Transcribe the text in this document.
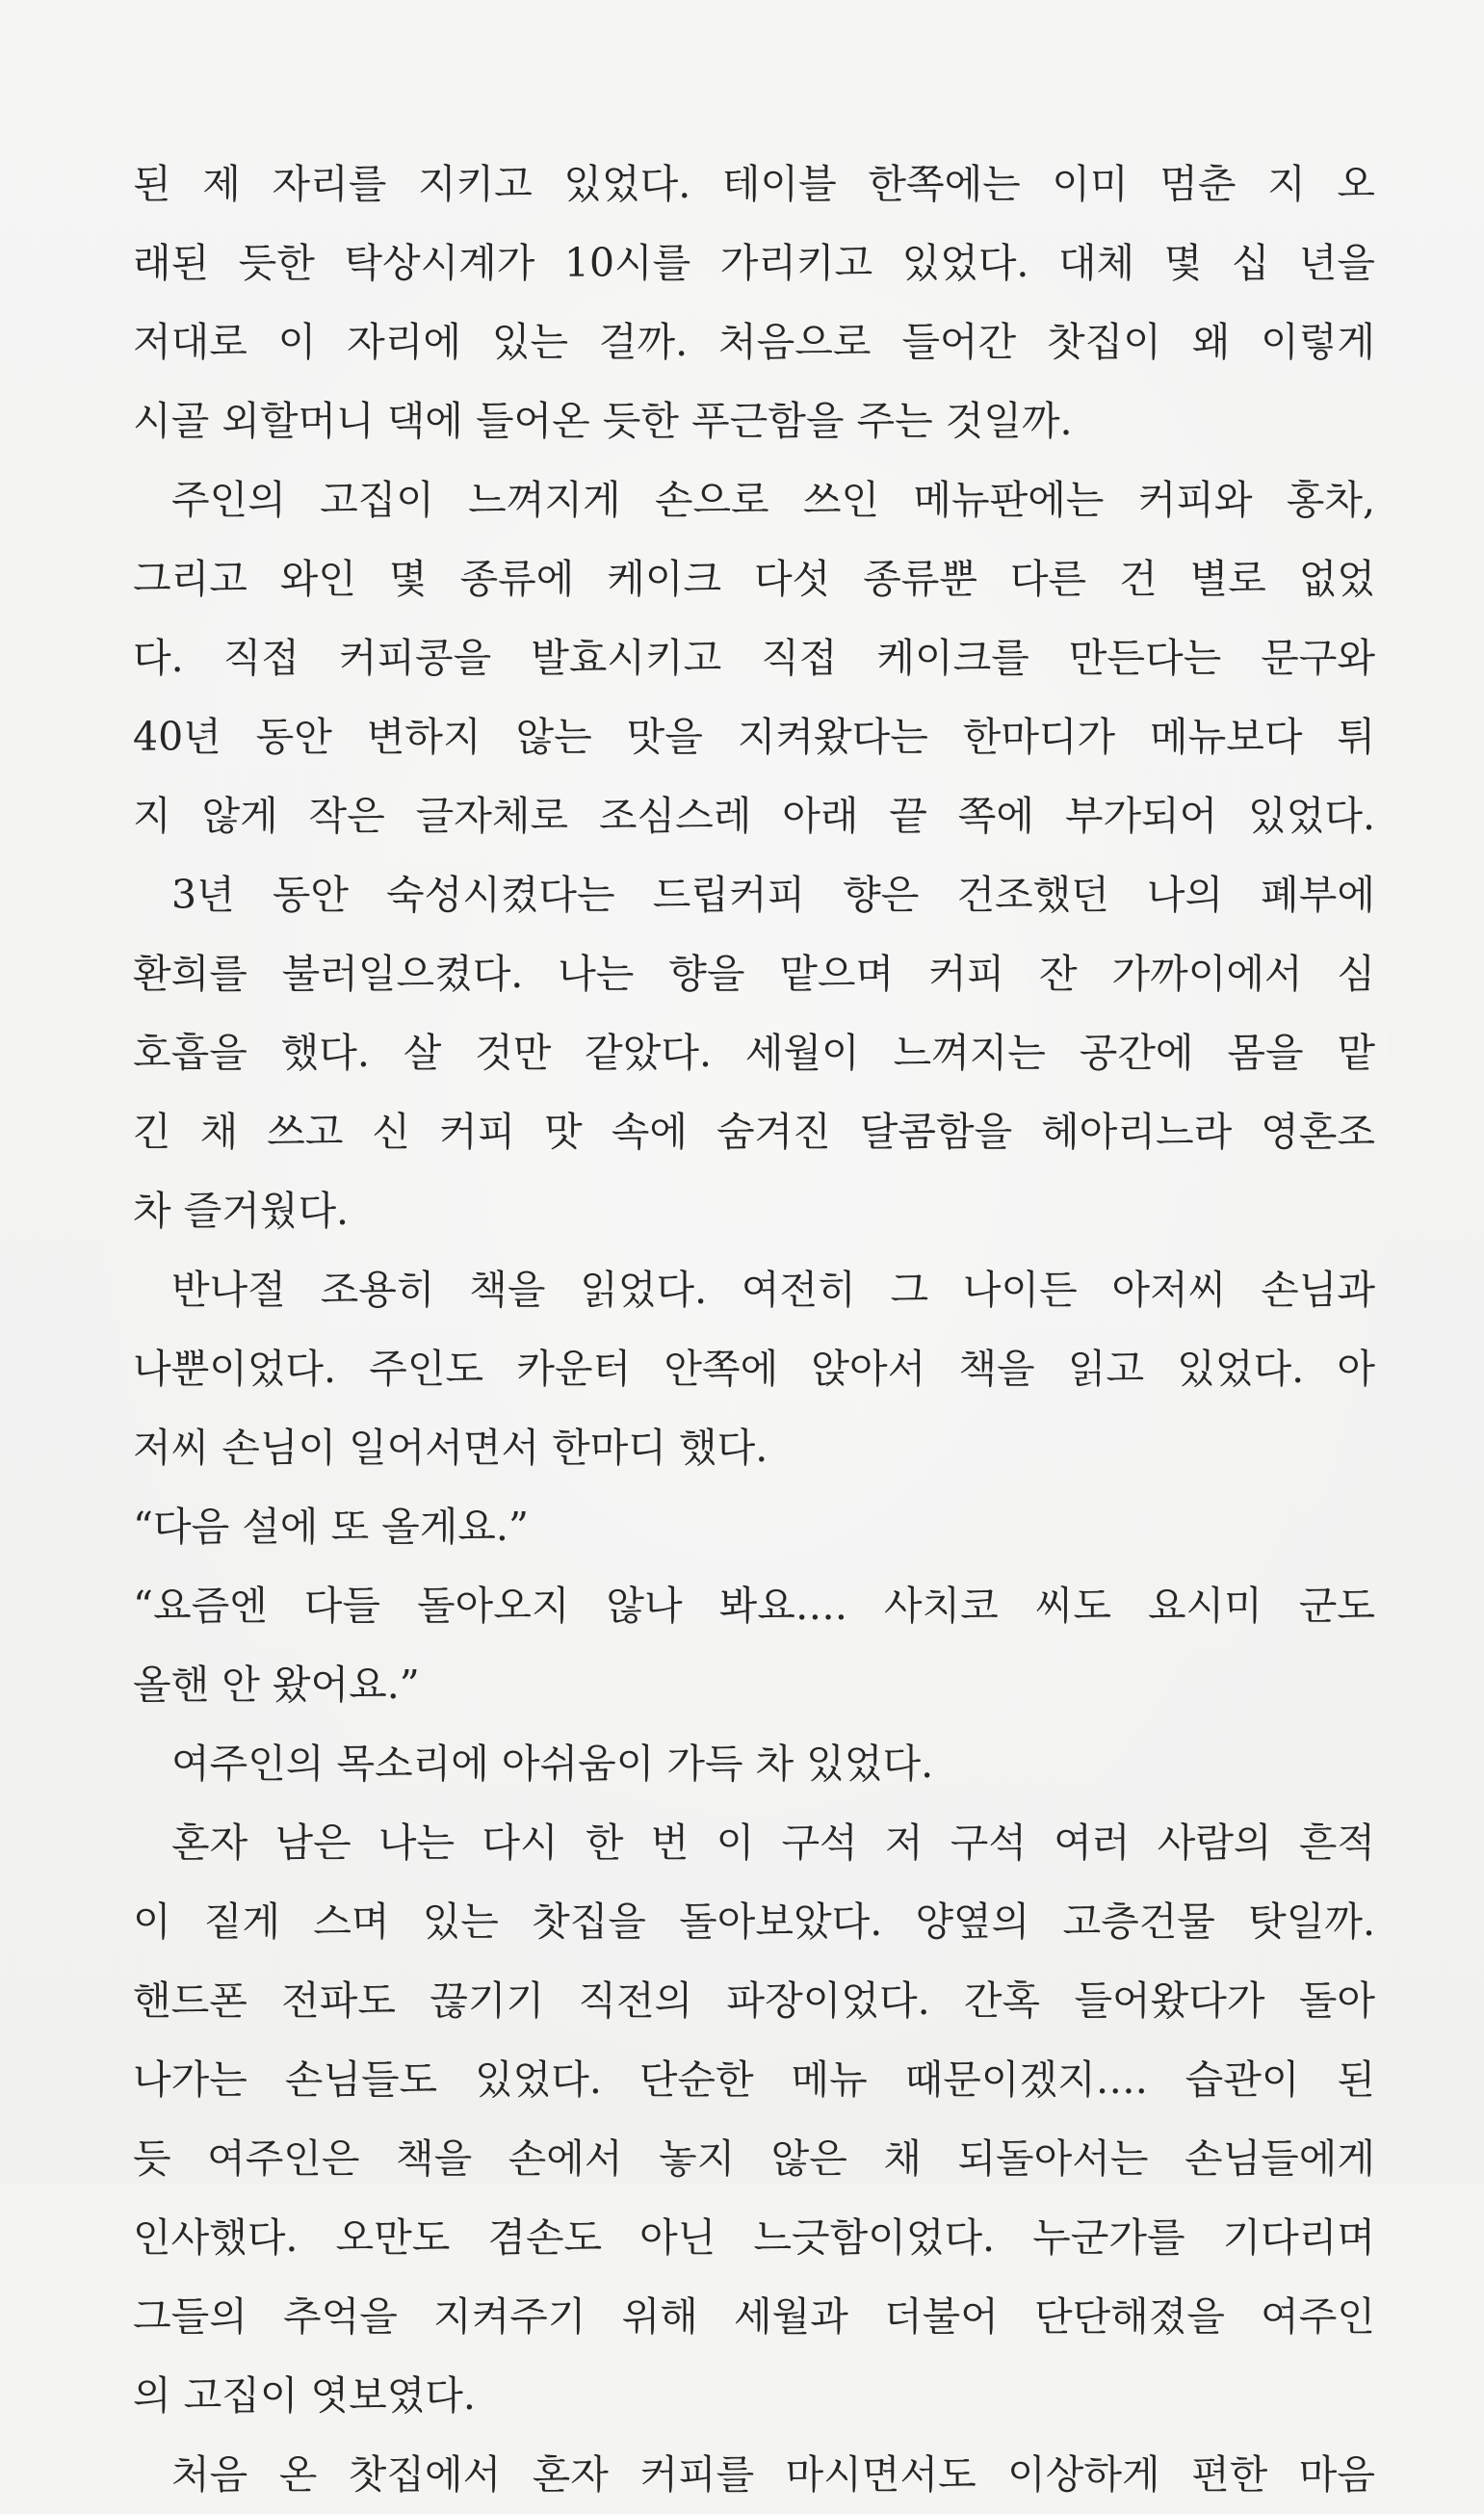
된 제 자리를 지키고 있었다. 테이블 한쪽에는 이미 멈춘 지 오
래된 듯한 탁상시계가 10시를 가리키고 있었다. 대체 몇 십 년을
저대로 이 자리에 있는 걸까. 처음으로 들어간 찻집이 왜 이렇게
시골 외할머니 댁에 들어온 듯한 푸근함을 주는 것일까.
주인의 고집이 느껴지게 손으로 쓰인 메뉴판에는 커피와 홍차,
그리고 와인 몇 종류에 케이크 다섯 종류뿐 다른 건 별로 없었
다. 직접 커피콩을 발효시키고 직접 케이크를 만든다는 문구와
40년 동안 변하지 않는 맛을 지켜왔다는 한마디가 메뉴보다 튀
지 않게 작은 글자체로 조심스레 아래 끝 쪽에 부가되어 있었다.
3년 동안 숙성시켰다는 드립커피 향은 건조했던 나의 폐부에
환희를 불러일으켰다. 나는 향을 맡으며 커피 잔 가까이에서 심
호흡을 했다. 살 것만 같았다. 세월이 느껴지는 공간에 몸을 맡
긴 채 쓰고 신 커피 맛 속에 숨겨진 달콤함을 헤아리느라 영혼조
차 즐거웠다.
반나절 조용히 책을 읽었다. 여전히 그 나이든 아저씨 손님과
나뿐이었다. 주인도 카운터 안쪽에 앉아서 책을 읽고 있었다. 아
저씨 손님이 일어서면서 한마디 했다.
“다음 설에 또 올게요.”
“요즘엔 다들 돌아오지 않나 봐요…. 사치코 씨도 요시미 군도
올핸 안 왔어요.”
여주인의 목소리에 아쉬움이 가득 차 있었다.
혼자 남은 나는 다시 한 번 이 구석 저 구석 여러 사람의 흔적
이 짙게 스며 있는 찻집을 돌아보았다. 양옆의 고층건물 탓일까.
핸드폰 전파도 끊기기 직전의 파장이었다. 간혹 들어왔다가 돌아
나가는 손님들도 있었다. 단순한 메뉴 때문이겠지…. 습관이 된
듯 여주인은 책을 손에서 놓지 않은 채 되돌아서는 손님들에게
인사했다. 오만도 겸손도 아닌 느긋함이었다. 누군가를 기다리며
그들의 추억을 지켜주기 위해 세월과 더불어 단단해졌을 여주인
의 고집이 엿보였다.
처음 온 찻집에서 혼자 커피를 마시면서도 이상하게 편한 마음
